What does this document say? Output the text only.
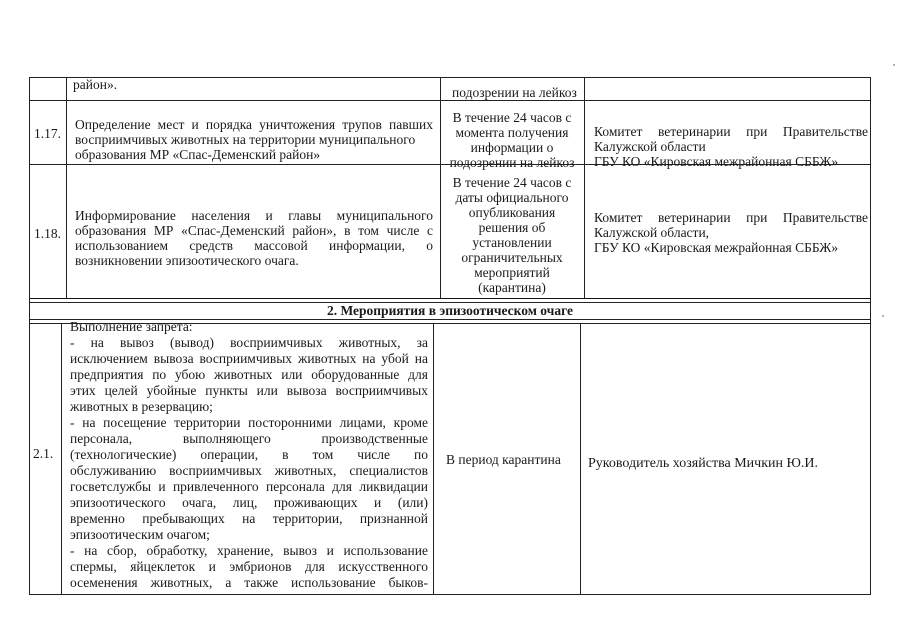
район».
подозрении на лейкоз
1.17.
Определение мест и порядка уничтожения трупов павших
восприимчивых животных на территории муниципального
образования МР «Спас-Деменский район»
В течение 24 часов с
момента получения
информации о
подозрении на лейкоз
Комитет ветеринарии при Правительстве
Калужской области
ГБУ КО «Кировская межрайонная СББЖ»
1.18.
Информирование населения и главы муниципального
образования МР «Спас-Деменский район», в том числе с
использованием средств массовой информации, о
возникновении эпизоотического очага.
В течение 24 часов с
даты официального
опубликования
решения об
установлении
ограничительных
мероприятий
(карантина)
Комитет ветеринарии при Правительстве
Калужской области,
ГБУ КО «Кировская межрайонная СББЖ»
2. Мероприятия в эпизоотическом очаге
2.1.
Выполнение запрета:
- на вывоз (вывод) восприимчивых животных, за
исключением вывоза восприимчивых животных на убой на
предприятия по убою животных или оборудованные для
этих целей убойные пункты или вывоза восприимчивых
животных в резервацию;
- на посещение территории посторонними лицами, кроме
персонала, выполняющего производственные
(технологические) операции, в том числе по
обслуживанию восприимчивых животных, специалистов
госветслужбы и привлеченного персонала для ликвидации
эпизоотического очага, лиц, проживающих и (или)
временно пребывающих на территории, признанной
эпизоотическим очагом;
- на сбор, обработку, хранение, вывоз и использование
спермы, яйцеклеток и эмбрионов для искусственного
осеменения животных, а также использование быков-
В период карантина Руководитель хозяйства Мичкин Ю.И.
